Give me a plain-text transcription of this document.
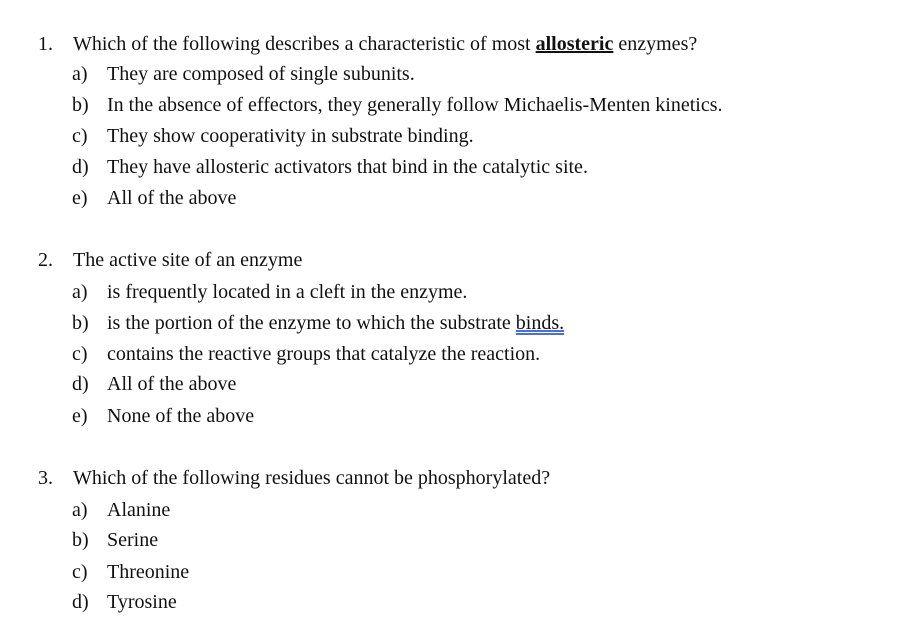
1. Which of the following describes a characteristic of most allosteric enzymes?
a) They are composed of single subunits.
b) In the absence of effectors, they generally follow Michaelis-Menten kinetics.
c) They show cooperativity in substrate binding.
d) They have allosteric activators that bind in the catalytic site.
e) All of the above
2. The active site of an enzyme
a) is frequently located in a cleft in the enzyme.
b) is the portion of the enzyme to which the substrate binds.
c) contains the reactive groups that catalyze the reaction.
d) All of the above
e) None of the above
3. Which of the following residues cannot be phosphorylated?
a) Alanine
b) Serine
c) Threonine
d) Tyrosine
